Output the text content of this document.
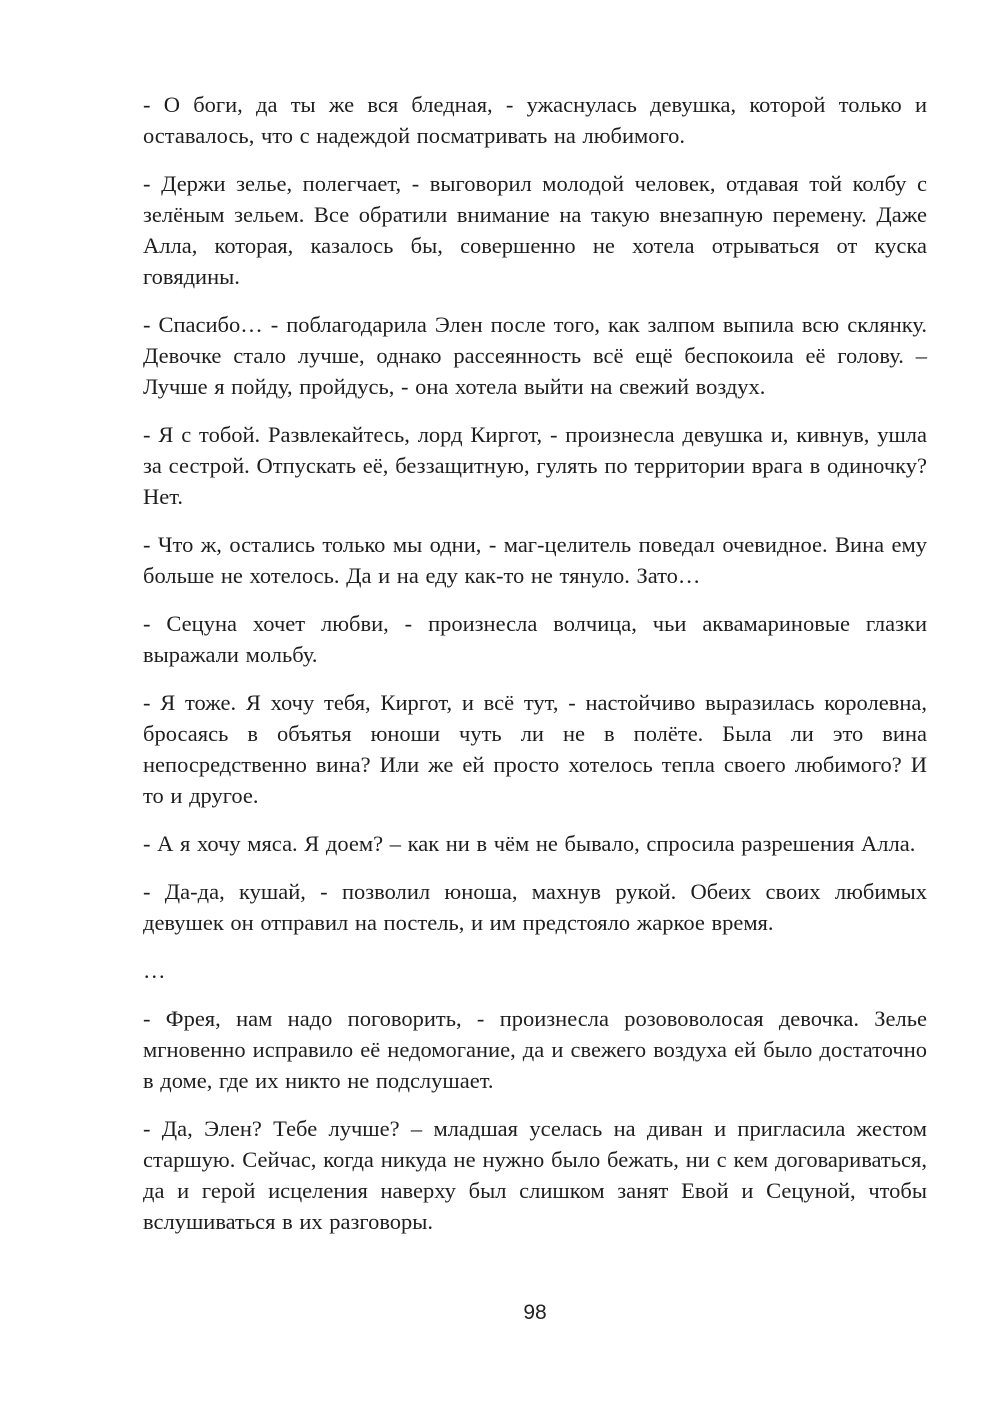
- О боги, да ты же вся бледная, - ужаснулась девушка, которой только и оставалось, что с надеждой посматривать на любимого.

- Держи зелье, полегчает, - выговорил молодой человек, отдавая той колбу с зелёным зельем. Все обратили внимание на такую внезапную перемену. Даже Алла, которая, казалось бы, совершенно не хотела отрываться от куска говядины.

- Спасибо… - поблагодарила Элен после того, как залпом выпила всю склянку. Девочке стало лучше, однако рассеянность всё ещё беспокоила её голову. – Лучше я пойду, пройдусь, - она хотела выйти на свежий воздух.

- Я с тобой. Развлекайтесь, лорд Киргот, - произнесла девушка и, кивнув, ушла за сестрой. Отпускать её, беззащитную, гулять по территории врага в одиночку? Нет.

- Что ж, остались только мы одни, - маг-целитель поведал очевидное. Вина ему больше не хотелось. Да и на еду как-то не тянуло. Зато…

- Сецуна хочет любви, - произнесла волчица, чьи аквамариновые глазки выражали мольбу.

- Я тоже. Я хочу тебя, Киргот, и всё тут, - настойчиво выразилась королевна, бросаясь в объятья юноши чуть ли не в полёте. Была ли это вина непосредственно вина? Или же ей просто хотелось тепла своего любимого? И то и другое.

- А я хочу мяса. Я доем? – как ни в чём не бывало, спросила разрешения Алла.

- Да-да, кушай, - позволил юноша, махнув рукой. Обеих своих любимых девушек он отправил на постель, и им предстояло жаркое время.

…

- Фрея, нам надо поговорить, - произнесла розововолосая девочка. Зелье мгновенно исправило её недомогание, да и свежего воздуха ей было достаточно в доме, где их никто не подслушает.

- Да, Элен? Тебе лучше? – младшая уселась на диван и пригласила жестом старшую. Сейчас, когда никуда не нужно было бежать, ни с кем договариваться, да и герой исцеления наверху был слишком занят Евой и Сецуной, чтобы вслушиваться в их разговоры.

98
